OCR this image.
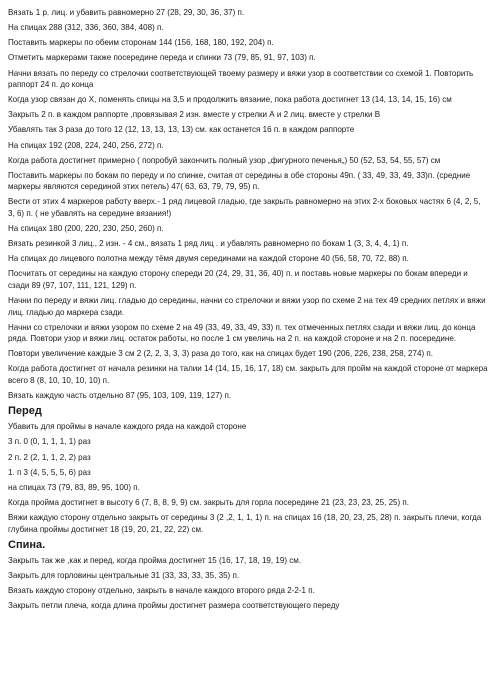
Вязать 1 р. лиц. и убавить равномерно 27 (28, 29, 30, 36, 37) п.

На спицах 288 (312, 336, 360, 384, 408) п.

Поставить маркеры по обеим сторонам 144 (156, 168, 180, 192, 204) п.

Отметить маркерами также посередине переда и спинки 73 (79, 85, 91, 97, 103) п.

Начни вязать по переду со стрелочки соответствующей твоему размеру и вяжи узор в соответствии со схемой 1. Повторить раппорт 24 п. до конца

Когда узор связан до Х, поменять спицы на 3,5 и продолжить вязание, пока работа достигнет 13 (14, 13, 14, 15, 16) см

Закрыть 2 п. в каждом раппорте ,провязывая 2 изн. вместе у стрелки А и 2 лиц. вместе у стрелки В

Убавлять так 3 раза до того 12 (12, 13, 13, 13, 13) см. как останется 16 п. в каждом раппорте

На спицах 192 (208, 224, 240, 256, 272) п.

Когда работа достигнет примерно ( попробуй закончить полный узор „фигурного печенья„) 50 (52, 53, 54, 55, 57) см

Поставить маркеры по бокам по переду и по спинке, считая от середины в обе стороны 49п. ( 33, 49, 33, 49, 33)п. (средние маркеры являются серединой этих петель) 47( 63, 63, 79, 79, 95) п.

Вести от этих 4 маркеров работу вверх.- 1 ряд лицевой гладью, где закрыть равномерно на этих 2-х боковых частях 6 (4, 2, 5, 3, 6) п. ( не убавлять на середине вязания!)

На спицах 180 (200, 220, 230, 250, 260) п.

Вязать резинкой 3 лиц., 2 изн. - 4 см., вязать 1 ряд лиц . и убавлять равномерно по бокам 1 (3, 3, 4, 4, 1) п.

На спицах до лицевого полотна между тёмя двумя серединами на каждой стороне 40 (56, 58, 70, 72, 88) п.

Посчитать от середины на каждую сторону спереди 20 (24, 29, 31, 36, 40) п. и поставь новые маркеры по бокам впереди и сзади 89 (97, 107, 111, 121, 129) п.

Начни по переду и вяжи лиц. гладью до середины, начни со стрелочки и вяжи узор по схеме 2 на тех 49 средних петлях и вяжи лиц. гладью до маркера сзади.

Начни со стрелочки и вяжи узором по схеме 2 на 49 (33, 49, 33, 49, 33) п. тех отмеченных петлях сзади и вяжи лиц. до конца ряда. Повтори узор и вяжи лиц. остаток работы, но после 1 см увеличь на 2 п. на каждой стороне и на 2 п. посередине.

Повтори увеличение каждые 3 см 2 (2, 2, 3, 3, 3) раза до того, как на спицах будет 190 (206, 226, 238, 258, 274) п.

Когда работа достигнет от начала резинки на талии 14 (14, 15, 16, 17, 18) см. закрыть для пройм на каждой стороне от маркера всего 8 (8, 10, 10, 10, 10) п.

Вязать каждую часть отдельно 87 (95, 103, 109, 119, 127) п.

Перед

Убавить для проймы в начале каждого ряда на каждой стороне

3 п. 0 (0, 1, 1, 1, 1) раз

2 п. 2 (2, 1, 1, 2, 2) раз

1. п 3 (4, 5, 5, 5, 6) раз

на спицах 73 (79, 83, 89, 95, 100) п.

Когда пройма достигнет в высоту 6 (7, 8, 8, 9, 9) см. закрыть для горла посередине 21 (23, 23, 23, 25, 25) п.

Вяжи каждую сторону отдельно закрыть от середины 3 (2 ,2, 1, 1, 1) п. на спицах 16 (18, 20, 23, 25, 28) п. закрыть плечи, когда глубина проймы достигнет 18 (19, 20, 21, 22, 22) см.

Спина.

Закрыть так же ,как и перед, когда пройма достигнет 15 (16, 17, 18, 19, 19) см.

Закрыть для горловины центральные 31 (33, 33, 33, 35, 35) п.

Вязать каждую сторону отдельно, закрыть в начале каждого второго ряда 2-2-1 п.

Закрыть петли плеча, когда длина проймы достигнет размера соответствующего переду
